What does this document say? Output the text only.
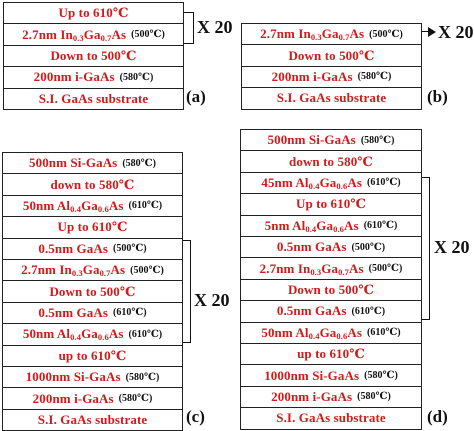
Up to 610℃
2.7nm $In_{0.3}Ga_{0.7}As$ (500℃)
Down to 500℃
200nm i-GaAs (580℃)
S.I. GaAs substrate
X 20
(a)
2.7nm $In_{0.3}Ga_{0.7}As$ (500℃)
Down to 500℃
200nm i-GaAs (580℃)
S.I. GaAs substrate
X 20
(b)
500nm Si-GaAs (580℃)
down to 580℃
50nm $Al_{0.4}Ga_{0.6}As$ (610℃)
Up to 610℃
0.5nm GaAs (500℃)
2.7nm $In_{0.3}Ga_{0.7}As$ (500℃)
Down to 500℃
0.5nm GaAs (610℃)
50nm $Al_{0.4}Ga_{0.6}As$ (610℃)
up to 610℃
1000nm Si-GaAs (580℃)
200nm i-GaAs (580℃)
S.I. GaAs substrate
X 20
(c)
500nm Si-GaAs (580℃)
down to 580℃
45nm $Al_{0.4}Ga_{0.6}As$ (610℃)
Up to 610℃
5nm $Al_{0.4}Ga_{0.6}As$ (610℃)
0.5nm GaAs (500℃)
2.7nm $In_{0.3}Ga_{0.7}As$ (500℃)
Down to 500℃
0.5nm GaAs (610℃)
50nm $Al_{0.4}Ga_{0.6}As$ (610℃)
up to 610℃
1000nm Si-GaAs (580℃)
200nm i-GaAs (580℃)
S.I. GaAs substrate
X 20
(d)
